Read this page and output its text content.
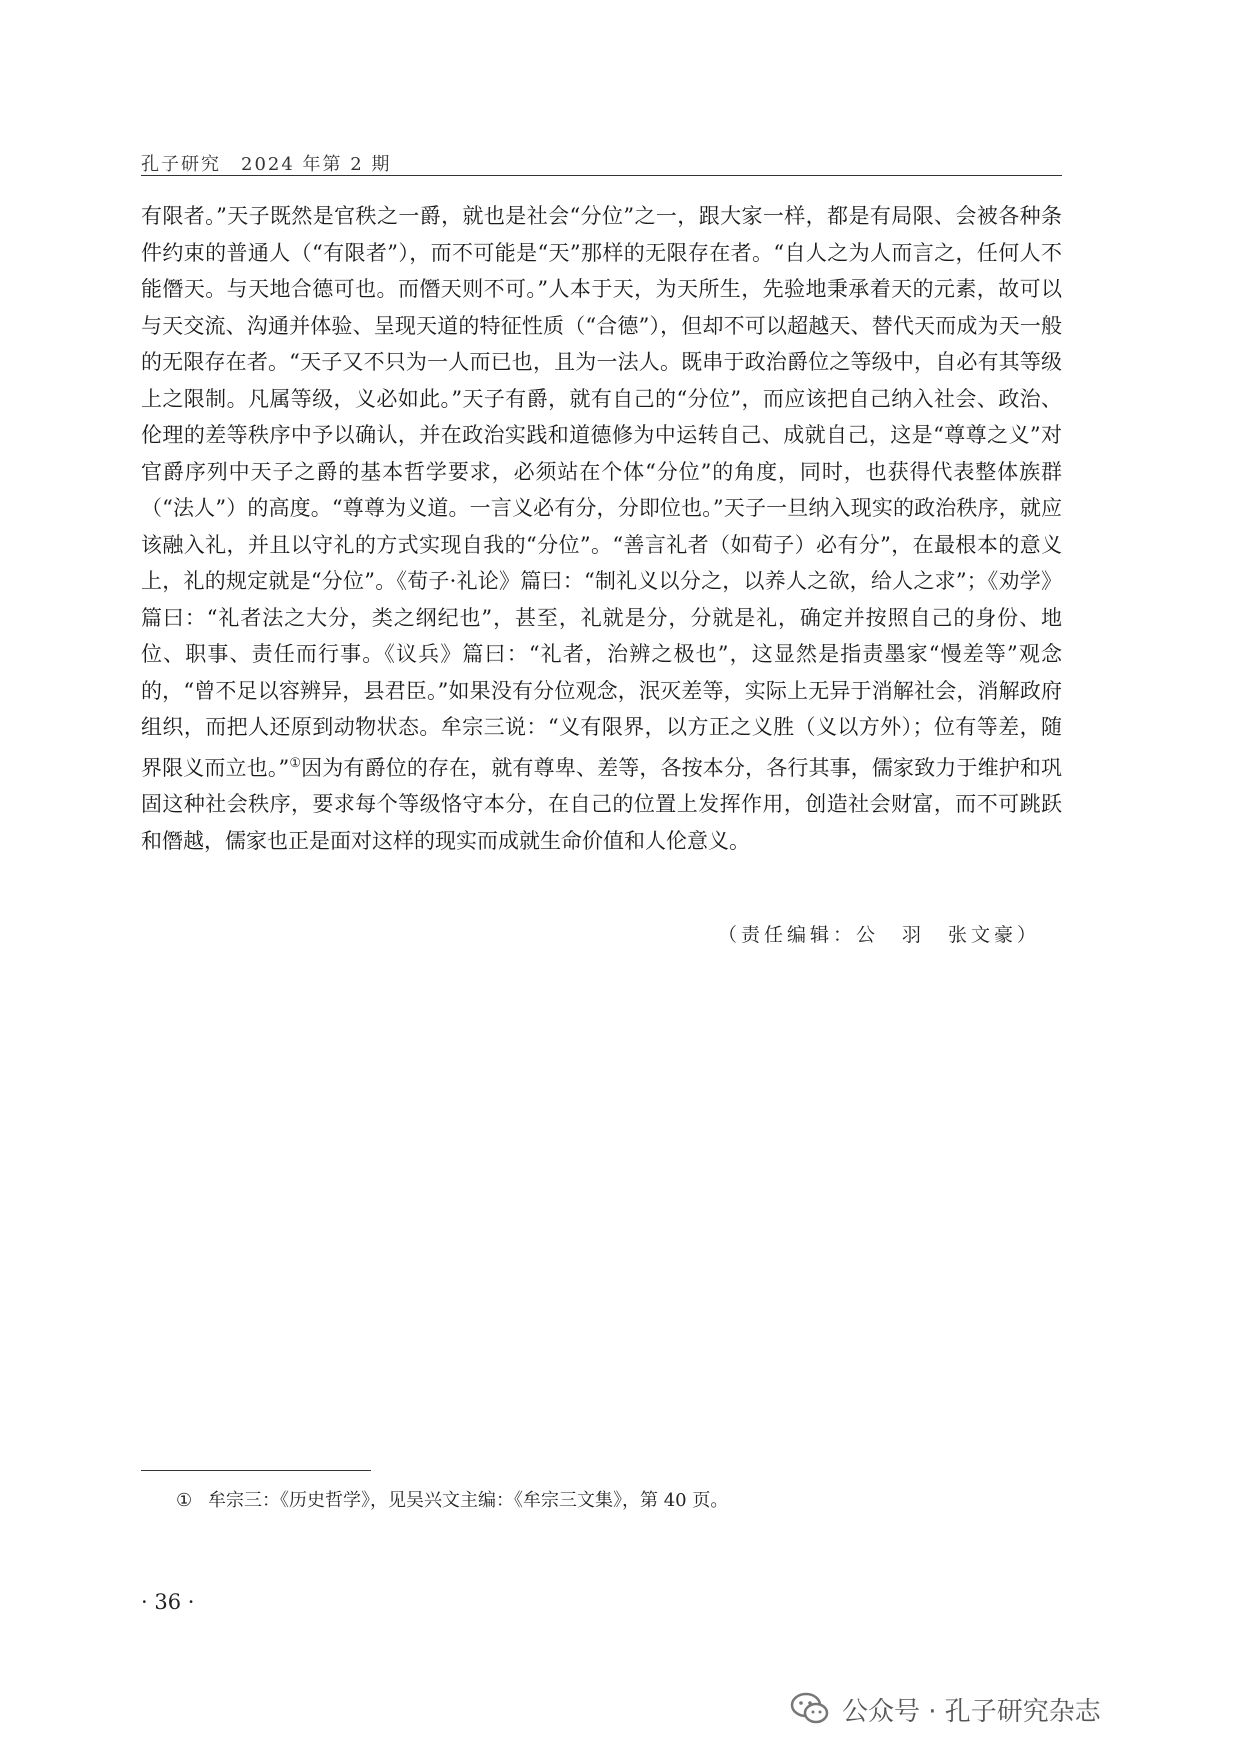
孔子研究　2024 年第 2 期

有限者。”天子既然是官秩之一爵，就也是社会“分位”之一，跟大家一样，都是有局限、会被各种条件约束的普通人（“有限者”），而不可能是“天”那样的无限存在者。“自人之为人而言之，任何人不能僭天。与天地合德可也。而僭天则不可。”人本于天，为天所生，先验地秉承着天的元素，故可以与天交流、沟通并体验、呈现天道的特征性质（“合德”），但却不可以超越天、替代天而成为天一般的无限存在者。“天子又不只为一人而已也，且为一法人。既串于政治爵位之等级中，自必有其等级上之限制。凡属等级，义必如此。”天子有爵，就有自己的“分位”，而应该把自己纳入社会、政治、伦理的差等秩序中予以确认，并在政治实践和道德修为中运转自己、成就自己，这是“尊尊之义”对官爵序列中天子之爵的基本哲学要求，必须站在个体“分位”的角度，同时，也获得代表整体族群（“法人”）的高度。“尊尊为义道。一言义必有分，分即位也。”天子一旦纳入现实的政治秩序，就应该融入礼，并且以守礼的方式实现自我的“分位”。“善言礼者（如荀子）必有分”，在最根本的意义上，礼的规定就是“分位”。《荀子·礼论》篇曰：“制礼义以分之，以养人之欲，给人之求”；《劝学》篇曰：“礼者法之大分，类之纲纪也”，甚至，礼就是分，分就是礼，确定并按照自己的身份、地位、职事、责任而行事。《议兵》篇曰：“礼者，治辨之极也”，这显然是指责墨家“慢差等”观念的，“曾不足以容辨异，县君臣。”如果没有分位观念，泯灭差等，实际上无异于消解社会，消解政府组织，而把人还原到动物状态。牟宗三说：“义有限界，以方正之义胜（义以方外）；位有等差，随界限义而立也。”①因为有爵位的存在，就有尊卑、差等，各按本分，各行其事，儒家致力于维护和巩固这种社会秩序，要求每个等级恪守本分，在自己的位置上发挥作用，创造社会财富，而不可跳跃和僭越，儒家也正是面对这样的现实而成就生命价值和人伦意义。

（责任编辑：公　羽　张文豪）
① 牟宗三：《历史哲学》，见吴兴文主编：《牟宗三文集》，第 40 页。
· 36 ·
公众号 · 孔子研究杂志
